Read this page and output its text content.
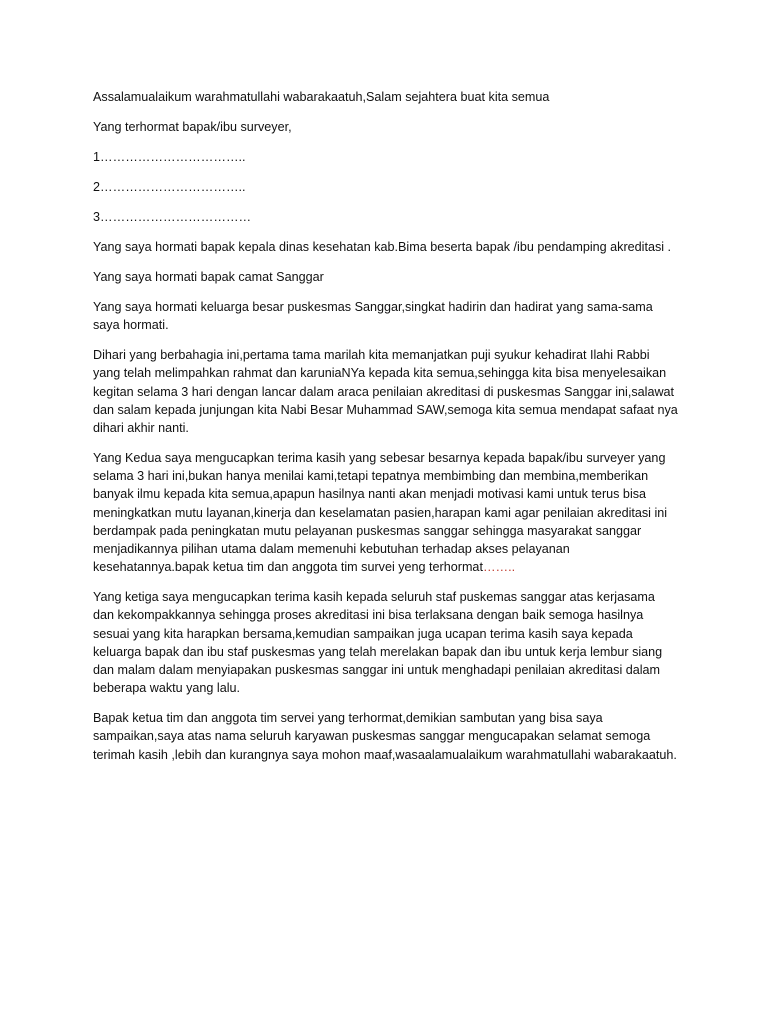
Assalamualaikum warahmatullahi wabarakaatuh,Salam sejahtera buat kita semua

Yang terhormat bapak/ibu surveyer,

1……………………………..

2……………………………..

3………………………………

Yang saya hormati bapak kepala dinas kesehatan kab.Bima beserta bapak /ibu pendamping akreditasi .

Yang saya hormati bapak camat Sanggar

Yang saya hormati keluarga besar puskesmas Sanggar,singkat hadirin dan hadirat yang sama-sama saya hormati.

Dihari yang berbahagia ini,pertama tama marilah kita memanjatkan puji syukur kehadirat Ilahi Rabbi yang telah melimpahkan rahmat dan karuniaNYa kepada kita semua,sehingga kita bisa menyelesaikan kegitan selama 3 hari dengan lancar dalam araca penilaian akreditasi di puskesmas Sanggar ini,salawat dan salam kepada junjungan kita Nabi Besar Muhammad SAW,semoga kita semua mendapat safaat nya dihari akhir nanti.

Yang Kedua saya mengucapkan terima kasih yang sebesar besarnya kepada bapak/ibu surveyer yang selama 3 hari ini,bukan hanya menilai kami,tetapi tepatnya membimbing dan membina,memberikan banyak ilmu kepada kita semua,apapun hasilnya nanti akan menjadi motivasi kami untuk terus bisa meningkatkan mutu layanan,kinerja dan keselamatan pasien,harapan kami agar penilaian akreditasi ini berdampak pada peningkatan mutu pelayanan puskesmas sanggar sehingga masyarakat sanggar menjadikannya pilihan utama dalam memenuhi kebutuhan terhadap akses pelayanan kesehatannya.bapak ketua tim dan anggota tim survei yeng terhormat……..

Yang ketiga saya mengucapkan terima kasih kepada seluruh staf puskemas sanggar atas kerjasama dan kekompakkannya sehingga proses akreditasi ini bisa terlaksana dengan baik semoga hasilnya sesuai yang kita harapkan bersama,kemudian sampaikan juga ucapan terima kasih saya kepada keluarga bapak dan ibu staf puskesmas yang telah merelakan bapak dan ibu untuk kerja lembur siang dan malam dalam menyiapakan puskesmas sanggar ini untuk menghadapi penilaian akreditasi dalam beberapa waktu yang lalu.

Bapak ketua tim dan anggota tim servei yang terhormat,demikian sambutan yang bisa saya sampaikan,saya atas nama seluruh karyawan puskesmas sanggar mengucapakan selamat semoga terimah kasih ,lebih dan kurangnya saya mohon maaf,wasaalamualaikum warahmatullahi wabarakaatuh.
